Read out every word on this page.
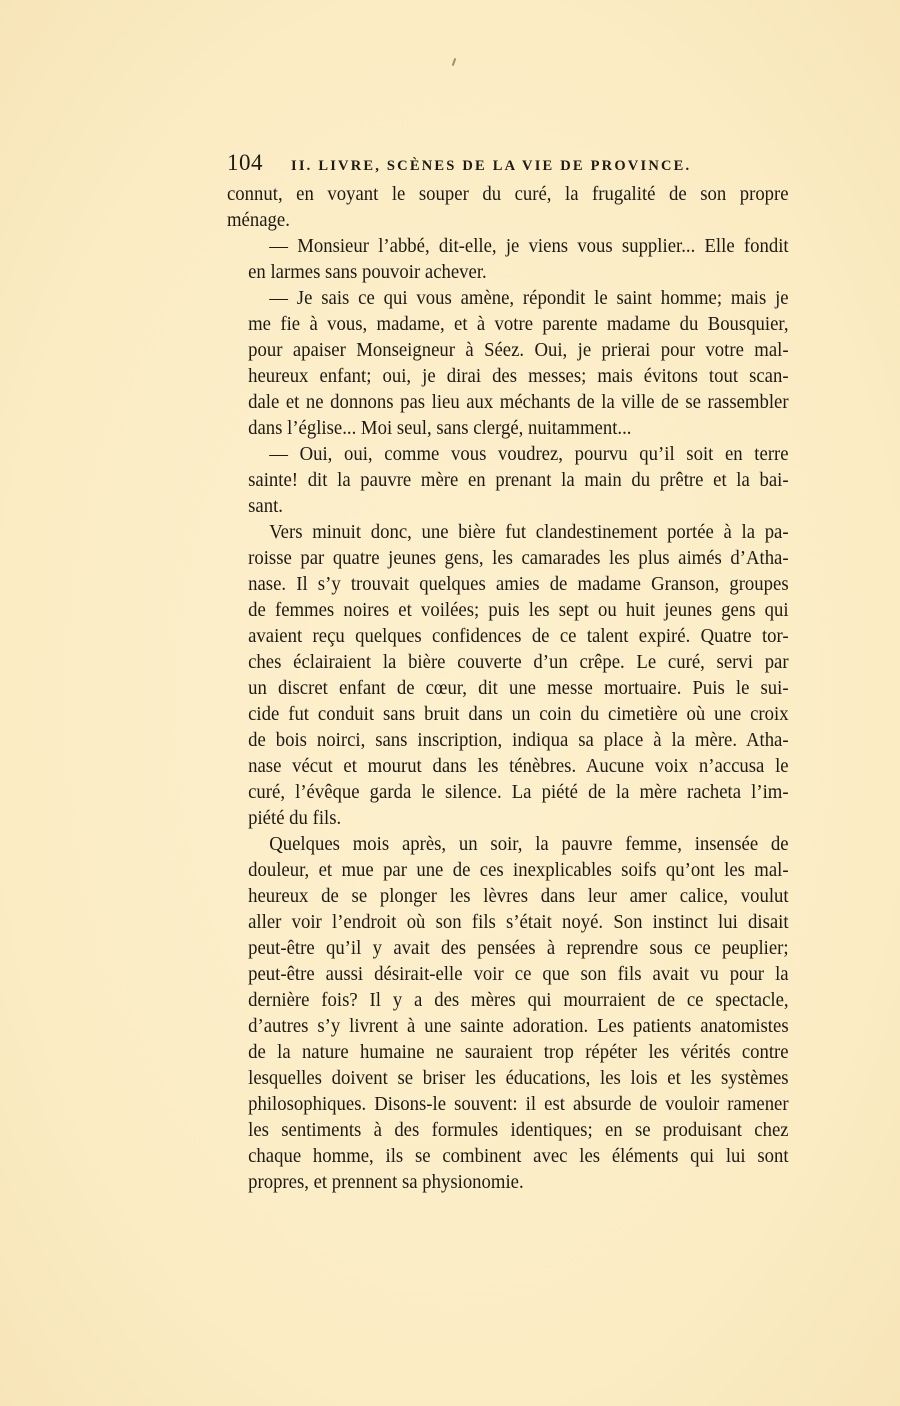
104	II. LIVRE, SCÈNES DE LA VIE DE PROVINCE.
connut, en voyant le souper du curé, la frugalité de son propre
ménage.
— Monsieur l’abbé, dit-elle, je viens vous supplier... Elle fondit
en larmes sans pouvoir achever.
— Je sais ce qui vous amène, répondit le saint homme; mais je
me fie à vous, madame, et à votre parente madame du Bousquier,
pour apaiser Monseigneur à Séez. Oui, je prierai pour votre mal-
heureux enfant; oui, je dirai des messes; mais évitons tout scan-
dale et ne donnons pas lieu aux méchants de la ville de se rassembler
dans l’église... Moi seul, sans clergé, nuitamment...
— Oui, oui, comme vous voudrez, pourvu qu’il soit en terre
sainte! dit la pauvre mère en prenant la main du prêtre et la bai-
sant.
Vers minuit donc, une bière fut clandestinement portée à la pa-
roisse par quatre jeunes gens, les camarades les plus aimés d’Atha-
nase. Il s’y trouvait quelques amies de madame Granson, groupes
de femmes noires et voilées; puis les sept ou huit jeunes gens qui
avaient reçu quelques confidences de ce talent expiré. Quatre tor-
ches éclairaient la bière couverte d’un crêpe. Le curé, servi par
un discret enfant de cœur, dit une messe mortuaire. Puis le sui-
cide fut conduit sans bruit dans un coin du cimetière où une croix
de bois noirci, sans inscription, indiqua sa place à la mère. Atha-
nase vécut et mourut dans les ténèbres. Aucune voix n’accusa le
curé, l’évêque garda le silence. La piété de la mère racheta l’im-
piété du fils.
Quelques mois après, un soir, la pauvre femme, insensée de
douleur, et mue par une de ces inexplicables soifs qu’ont les mal-
heureux de se plonger les lèvres dans leur amer calice, voulut
aller voir l’endroit où son fils s’était noyé. Son instinct lui disait
peut-être qu’il y avait des pensées à reprendre sous ce peuplier;
peut-être aussi désirait-elle voir ce que son fils avait vu pour la
dernière fois? Il y a des mères qui mourraient de ce spectacle,
d’autres s’y livrent à une sainte adoration. Les patients anatomistes
de la nature humaine ne sauraient trop répéter les vérités contre
lesquelles doivent se briser les éducations, les lois et les systèmes
philosophiques. Disons-le souvent: il est absurde de vouloir ramener
les sentiments à des formules identiques; en se produisant chez
chaque homme, ils se combinent avec les éléments qui lui sont
propres, et prennent sa physionomie.
